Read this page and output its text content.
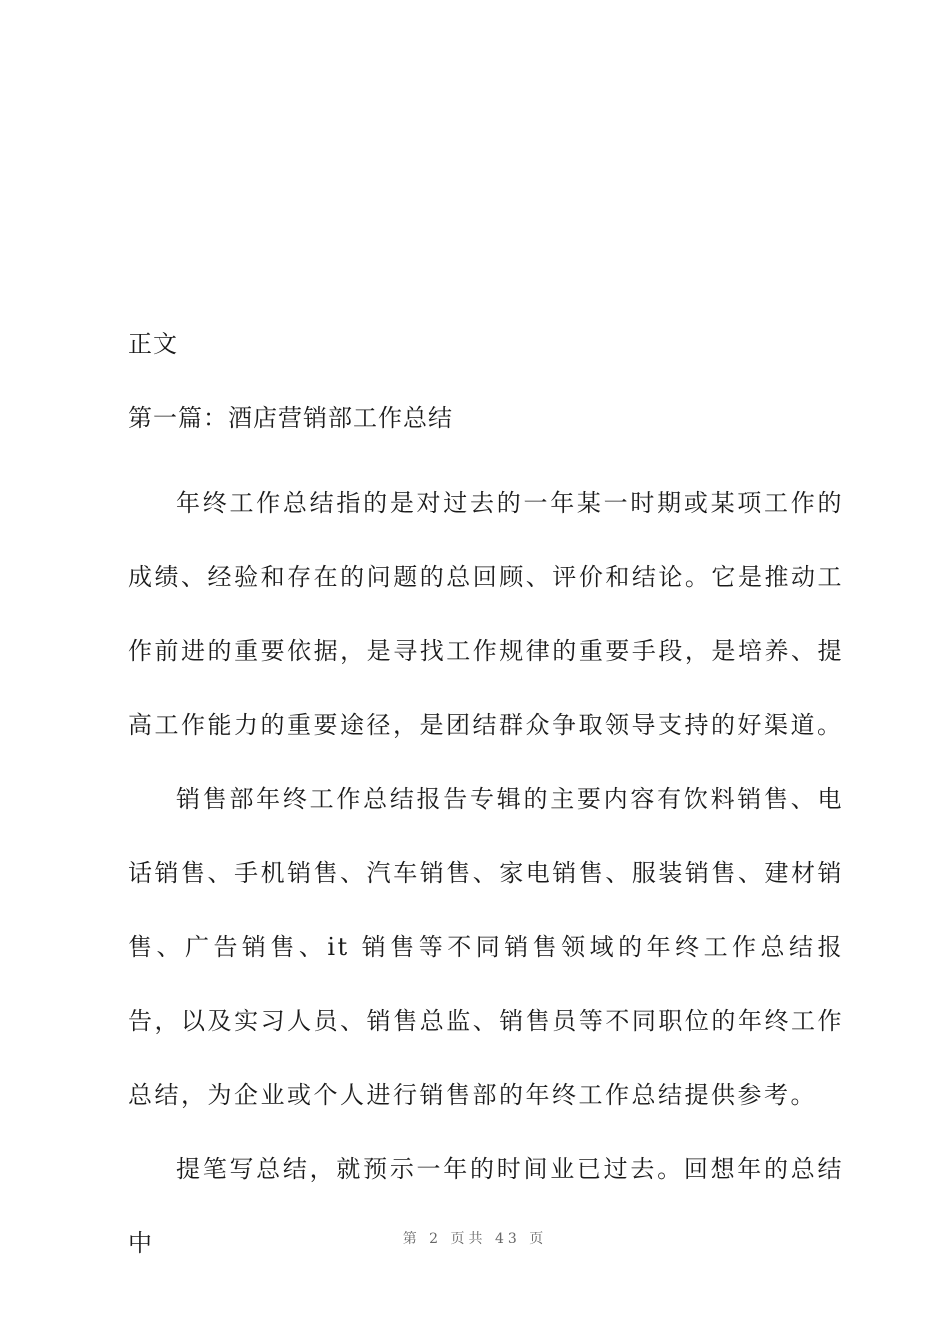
正文
第一篇：酒店营销部工作总结

年终工作总结指的是对过去的一年某一时期或某项工作的成绩、经验和存在的问题的总回顾、评价和结论。它是推动工作前进的重要依据，是寻找工作规律的重要手段，是培养、提高工作能力的重要途径，是团结群众争取领导支持的好渠道。

销售部年终工作总结报告专辑的主要内容有饮料销售、电话销售、手机销售、汽车销售、家电销售、服装销售、建材销售、广告销售、it 销售等不同销售领域的年终工作总结报告，以及实习人员、销售总监、销售员等不同职位的年终工作总结，为企业或个人进行销售部的年终工作总结提供参考。

提笔写总结，就预示一年的时间业已过去。回想年的总结中	第 2 页共 43 页
